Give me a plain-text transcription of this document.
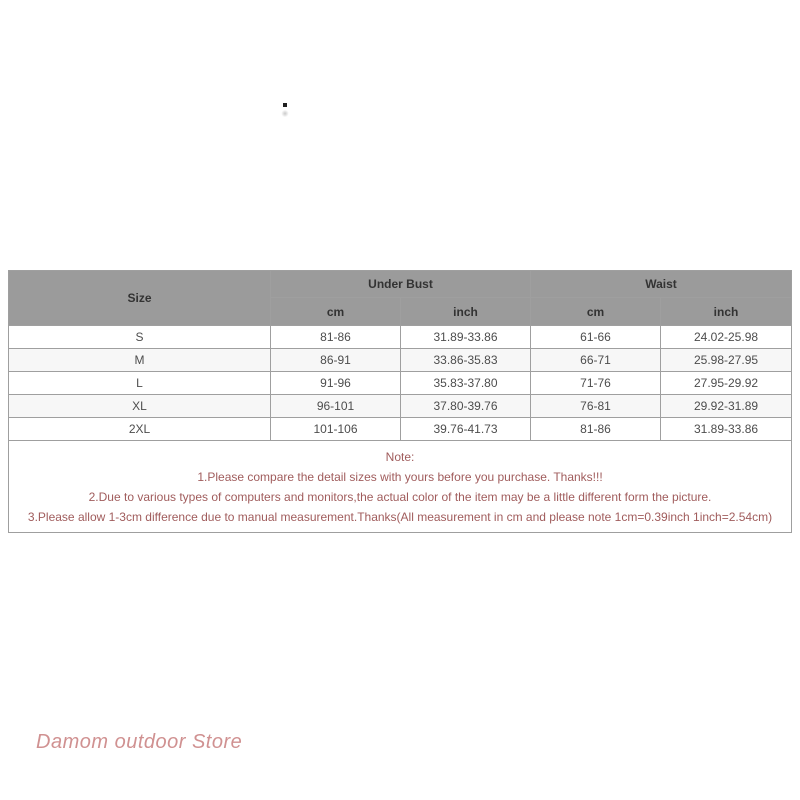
Size	Under Bust		Waist	
	cm	inch	cm	inch
S	81-86	31.89-33.86	61-66	24.02-25.98
M	86-91	33.86-35.83	66-71	25.98-27.95
L	91-96	35.83-37.80	71-76	27.95-29.92
XL	96-101	37.80-39.76	76-81	29.92-31.89
2XL	101-106	39.76-41.73	81-86	31.89-33.86

Note:
1.Please compare the detail sizes with yours before you purchase. Thanks!!!
2.Due to various types of computers and monitors,the actual color of the item may be a little different form the picture.
3.Please allow 1-3cm difference due to manual measurement.Thanks(All measurement in cm and please note 1cm=0.39inch 1inch=2.54cm)				
Damom outdoor Store
